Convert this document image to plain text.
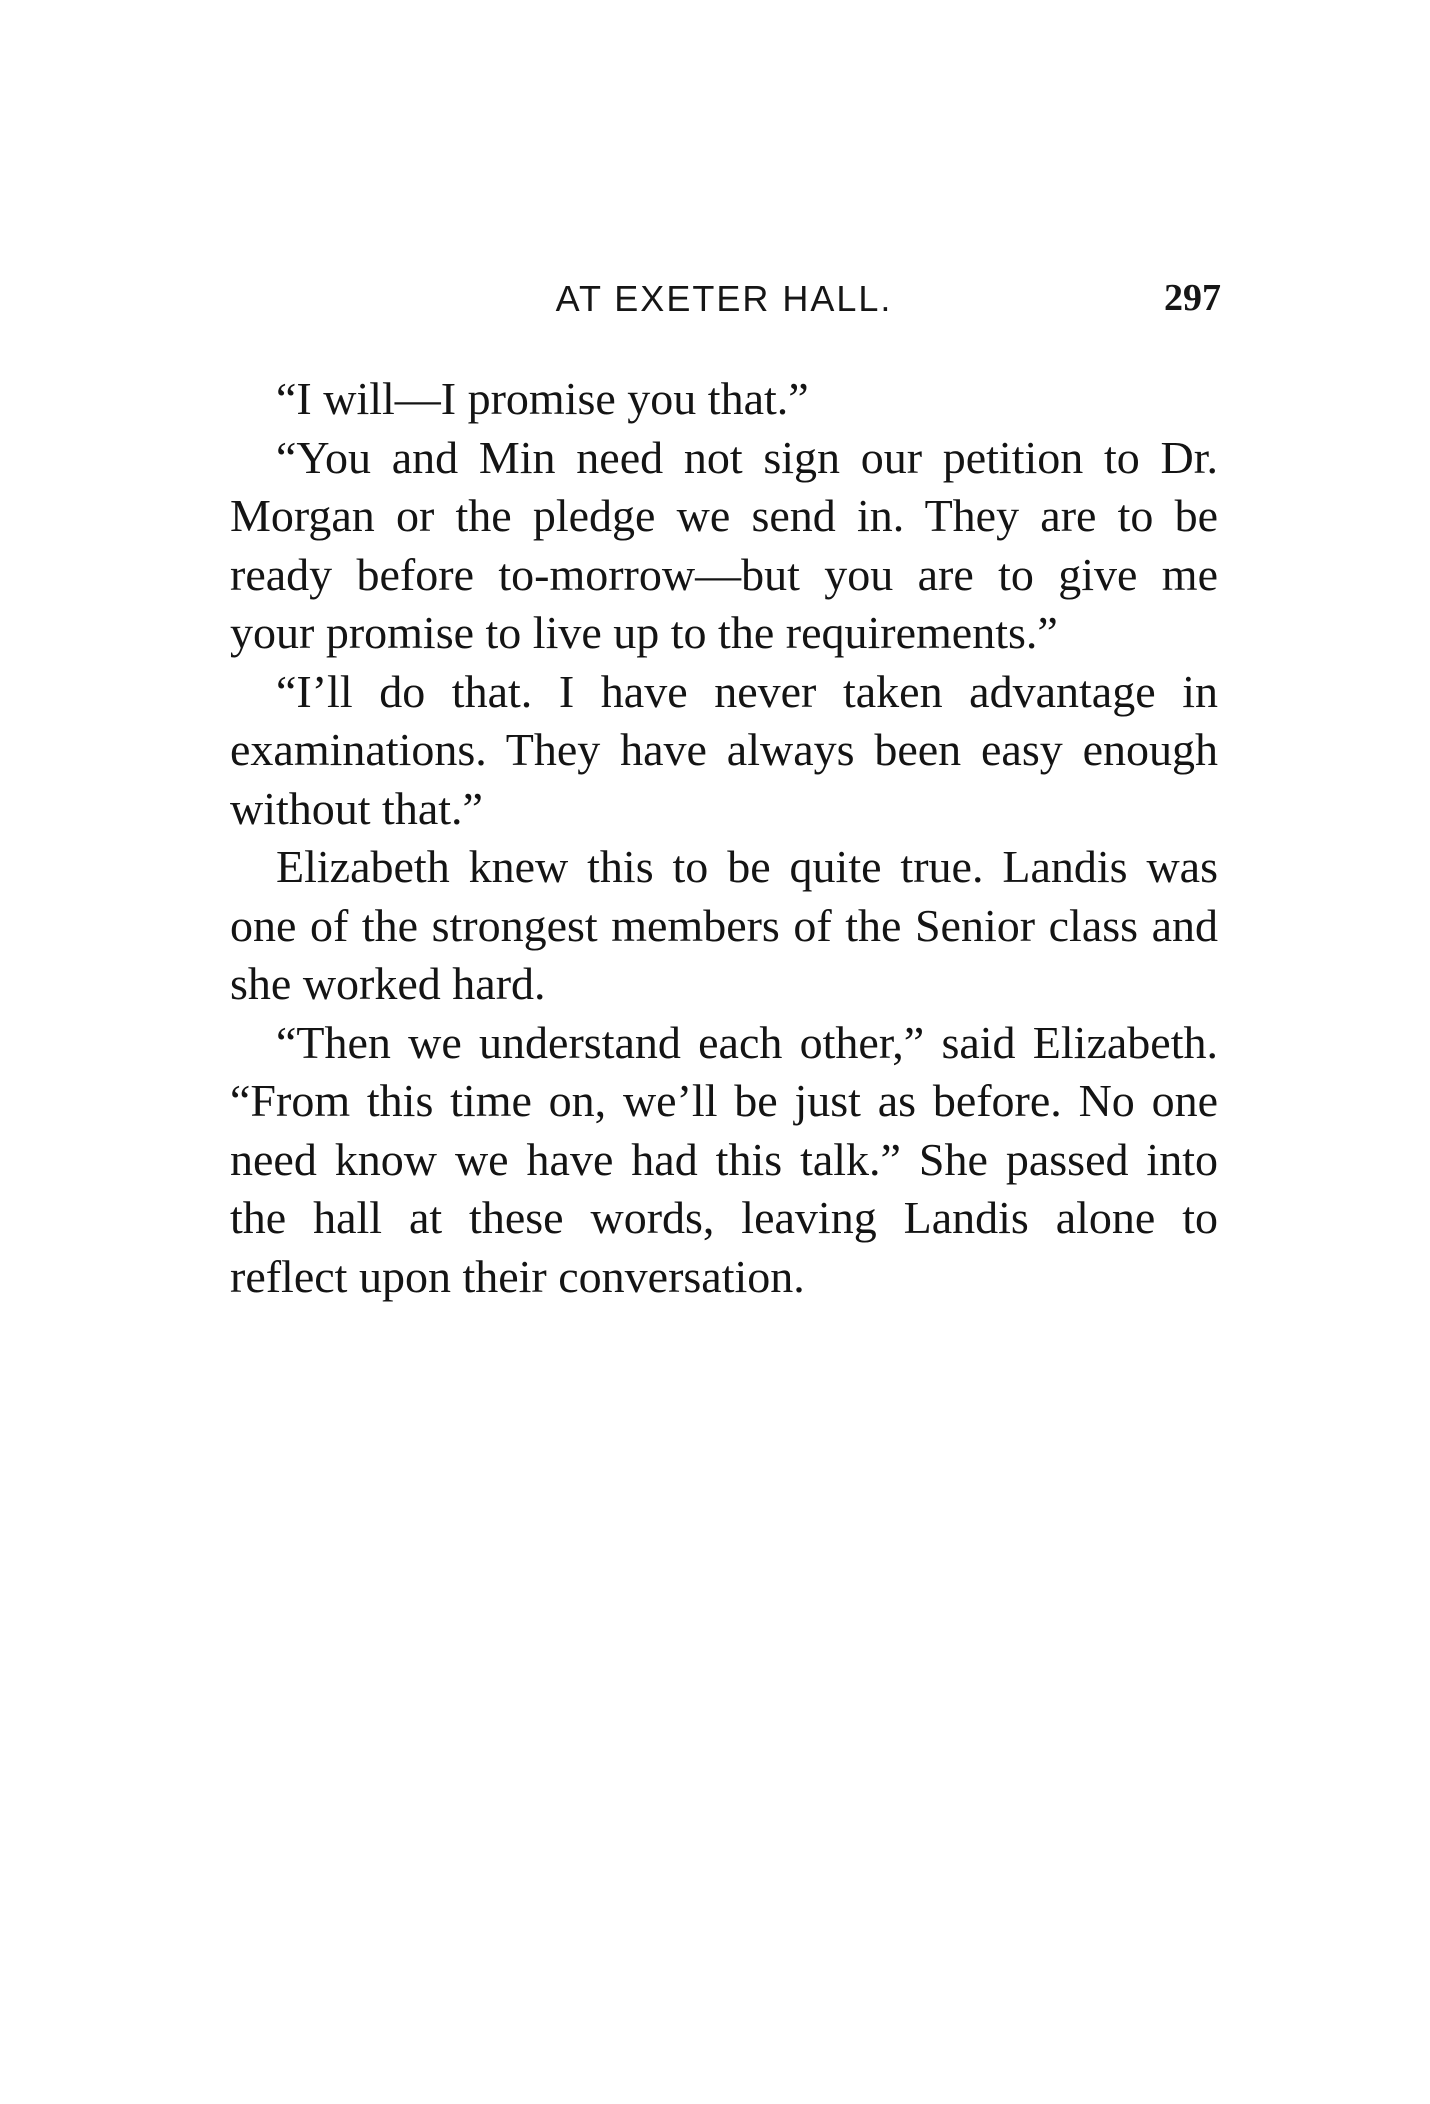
AT EXETER HALL.	297

“I will—I promise you that.”

“You and Min need not sign our petition to Dr. Morgan or the pledge we send in. They are to be ready before to-morrow—but you are to give me your promise to live up to the requirements.”

“I’ll do that. I have never taken advantage in examinations. They have always been easy enough without that.”

Elizabeth knew this to be quite true. Landis was one of the strongest members of the Senior class and she worked hard.

“Then we understand each other,” said Elizabeth. “From this time on, we’ll be just as before. No one need know we have had this talk.” She passed into the hall at these words, leaving Landis alone to reflect upon their conversation.
